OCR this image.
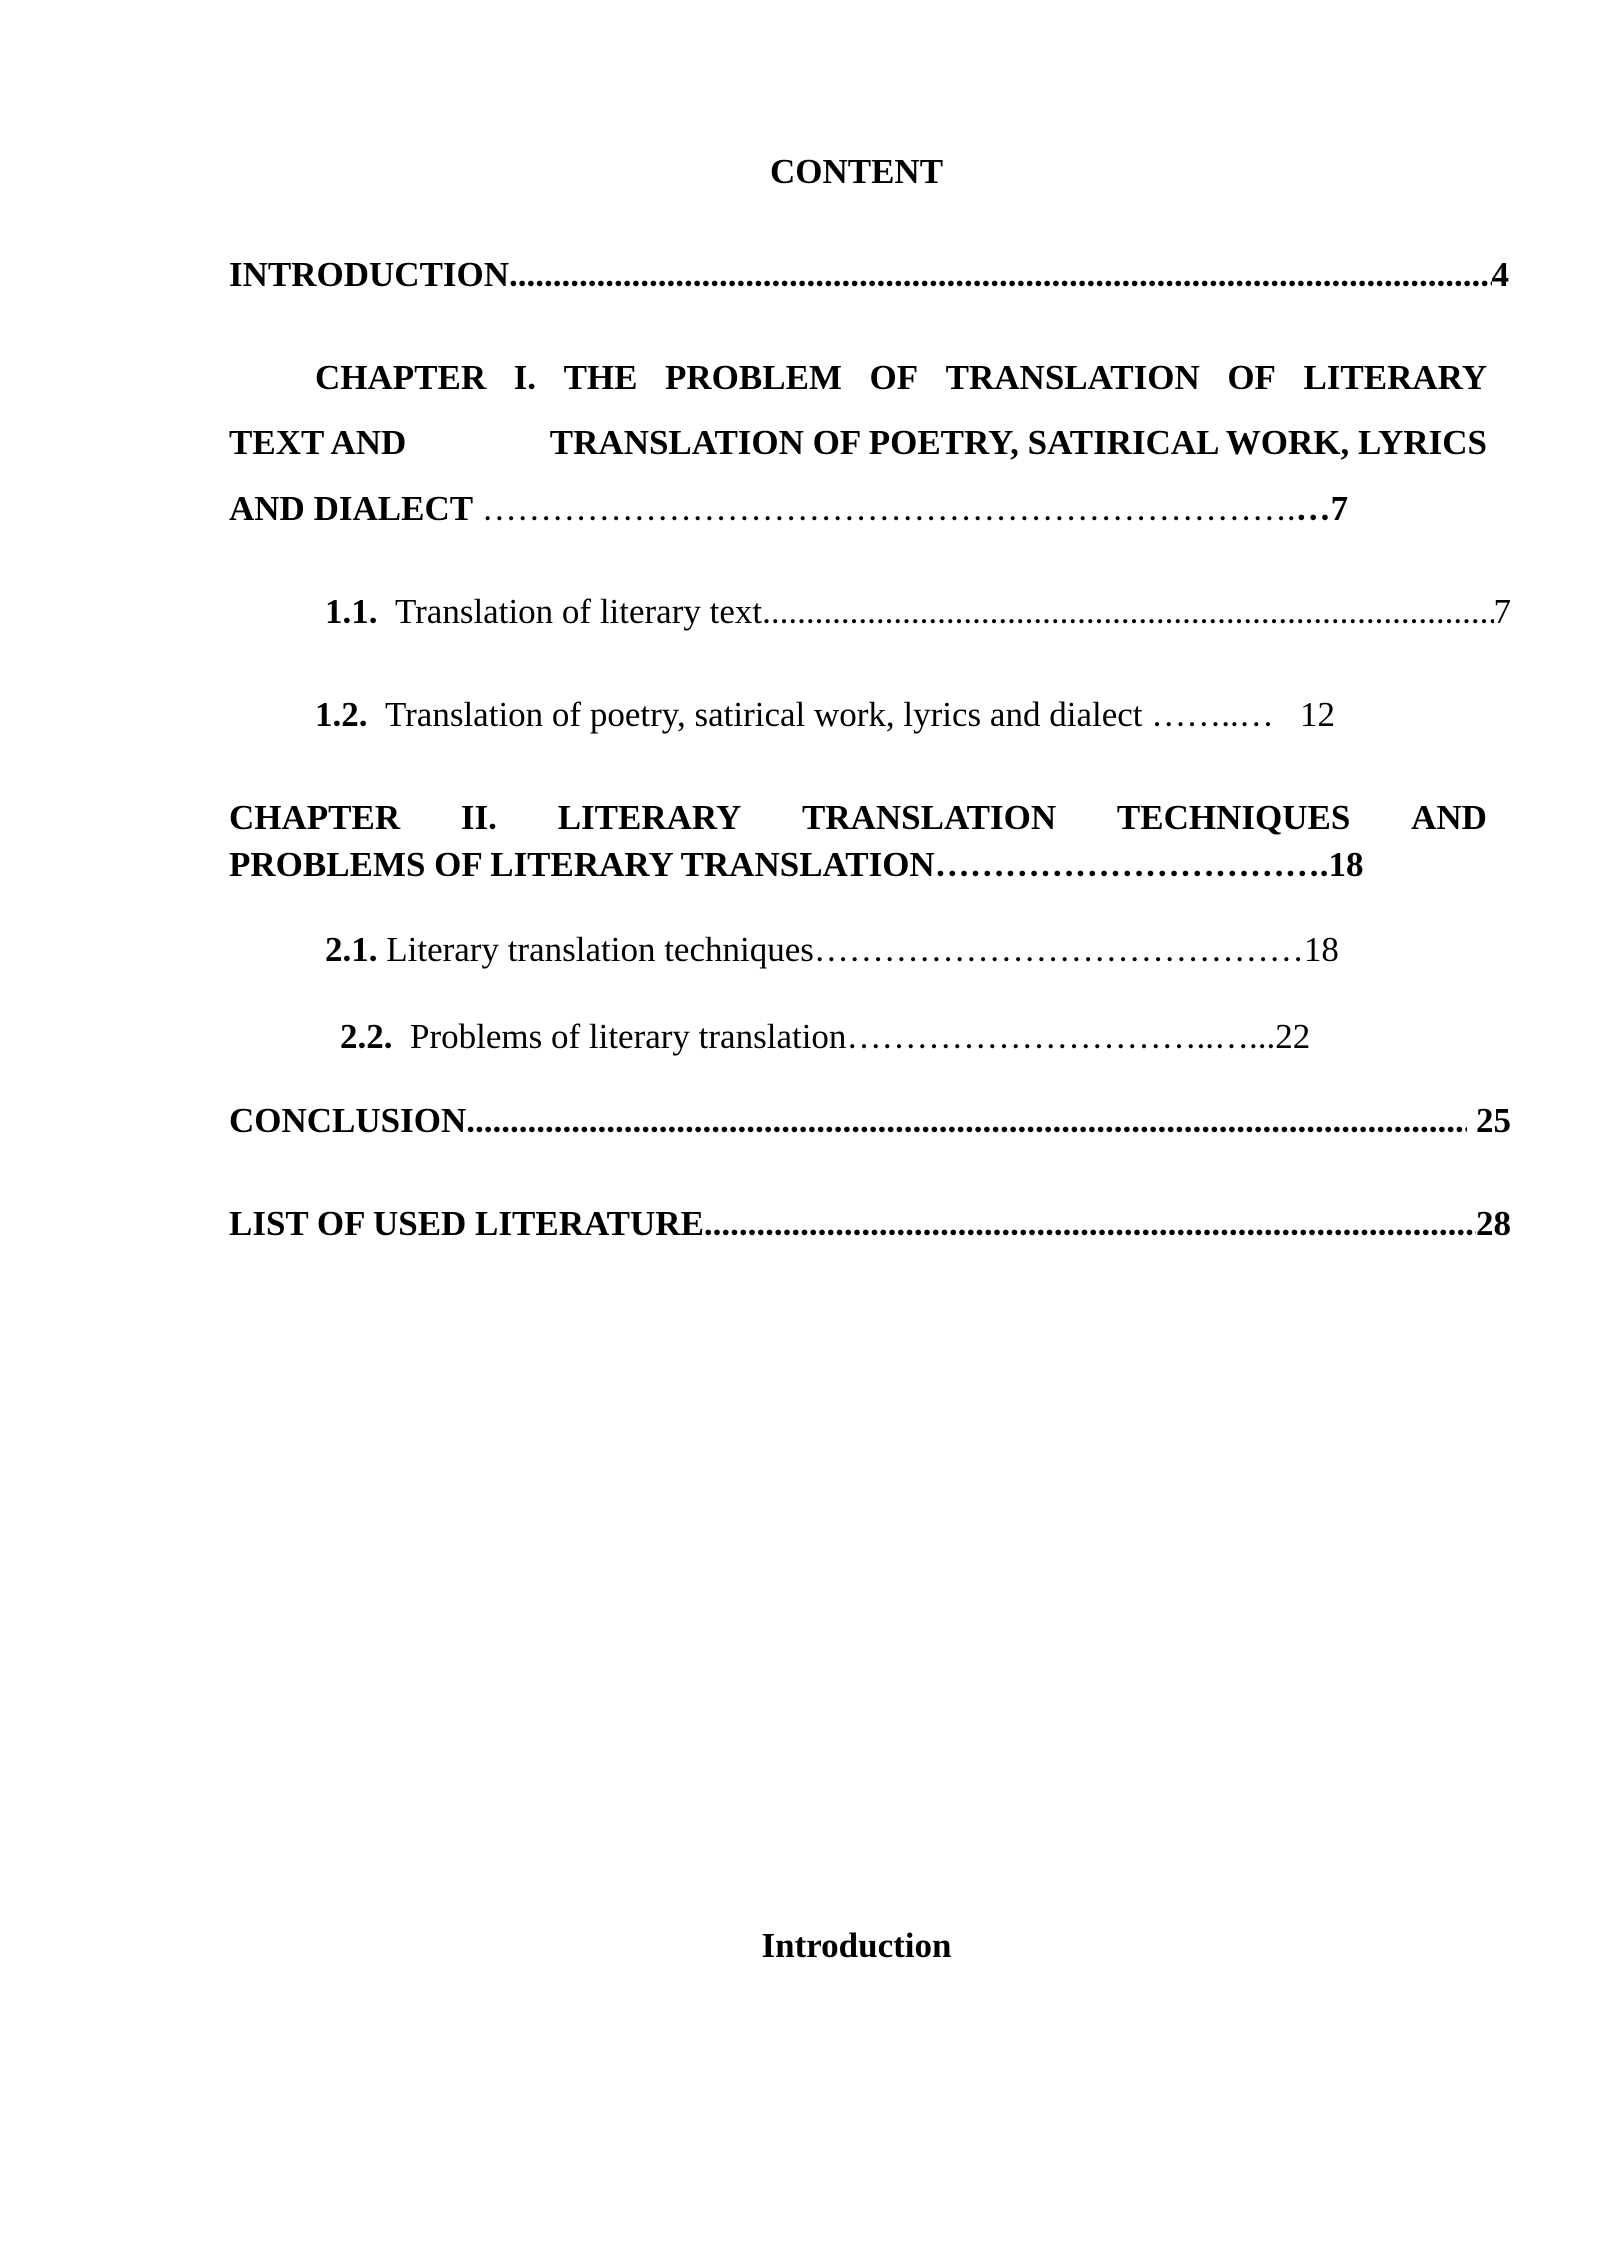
CONTENT
INTRODUCTION .....	4
CHAPTER I. THE PROBLEM OF TRANSLATION OF LITERARY
TEXT AND	TRANSLATION OF POETRY, SATIRICAL WORK, LYRICS
AND DIALECT …………………………………………………………….…7
1.1. Translation of literary text .....	7
1.2. Translation of poetry, satirical work, lyrics and dialect ……..… 12
CHAPTER II. LITERARY TRANSLATION TECHNIQUES AND
PROBLEMS OF LITERARY TRANSLATION…………………………….18
2.1. Literary translation techniques……………………………………18
2.2. Problems of literary translation…………………………..…...22
CONCLUSION .....	25
LIST OF USED LITERATURE .....	28
Introduction
